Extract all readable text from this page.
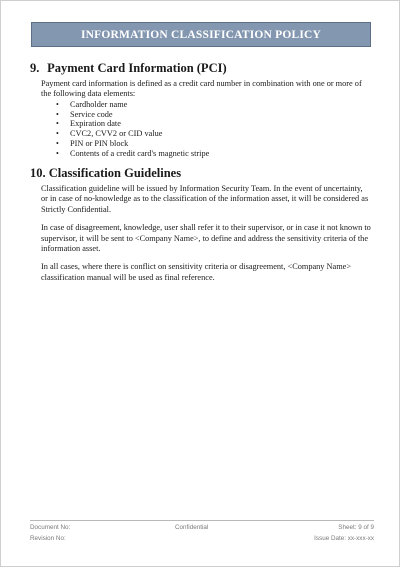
INFORMATION CLASSIFICATION POLICY
9. Payment Card Information (PCI)

Payment card information is defined as a credit card number in combination with one or more of the following data elements:

• Cardholder name
• Service code
• Expiration date
• CVC2, CVV2 or CID value
• PIN or PIN block
• Contents of a credit card's magnetic stripe
10. Classification Guidelines

Classification guideline will be issued by Information Security Team. In the event of uncertainty, or in case of no-knowledge as to the classification of the information asset, it will be considered as Strictly Confidential.

In case of disagreement, knowledge, user shall refer it to their supervisor, or in case it not known to supervisor, it will be sent to <Company Name>, to define and address the sensitivity criteria of the information asset.

In all cases, where there is conflict on sensitivity criteria or disagreement, <Company Name> classification manual will be used as final reference.

Document No:	Confidential	Sheet: 9 of 9
Revision No:	Issue Date: xx-xxx-xx
